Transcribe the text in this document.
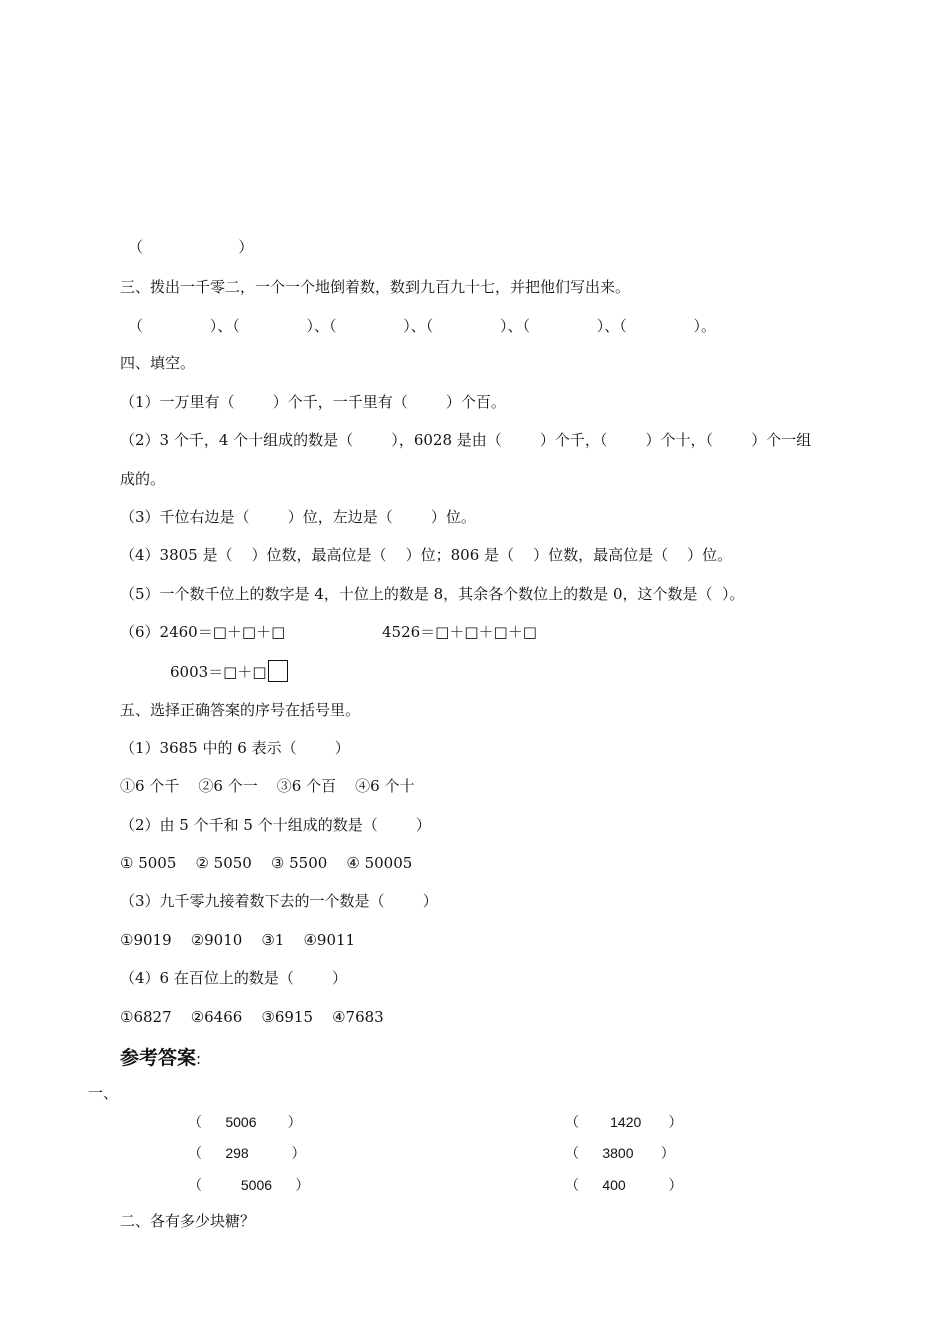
（                    ）
三、拨出一千零二，一个一个地倒着数，数到九百九十七，并把他们写出来。
（              ）、（              ）、（              ）、（              ）、（              ）、（              ）。
四、填空。
（1）一万里有（        ）个千，一千里有（        ）个百。
（2）3 个千，4 个十组成的数是（        ），6028 是由（        ）个千，（        ）个十，（        ）个一组
成的。
（3）千位右边是（        ）位，左边是（        ）位。
（4）3805 是（    ）位数，最高位是（    ）位；806 是（    ）位数，最高位是（    ）位。
（5）一个数千位上的数字是 4，十位上的数是 8，其余各个数位上的数是 0，这个数是（  ）。
（6）2460＝□＋□＋□	4526＝□＋□＋□＋□
6003＝□＋□
五、选择正确答案的序号在括号里。
（1）3685 中的 6 表示（        ）
①6 个千    ②6 个一    ③6 个百    ④6 个十
（2）由 5 个千和 5 个十组成的数是（        ）
① 5005    ② 5050    ③ 5500    ④ 50005
（3）九千零九接着数下去的一个数是（        ）
①9019    ②9010    ③1    ④9011
（4）6 在百位上的数是（        ）
①6827    ②6466    ③6915    ④7683
参考答案:
一、
（      5006        ）
（      298           ）
（          5006      ）
（        1420       ）
（      3800       ）
（      400           ）
二、各有多少块糖？
